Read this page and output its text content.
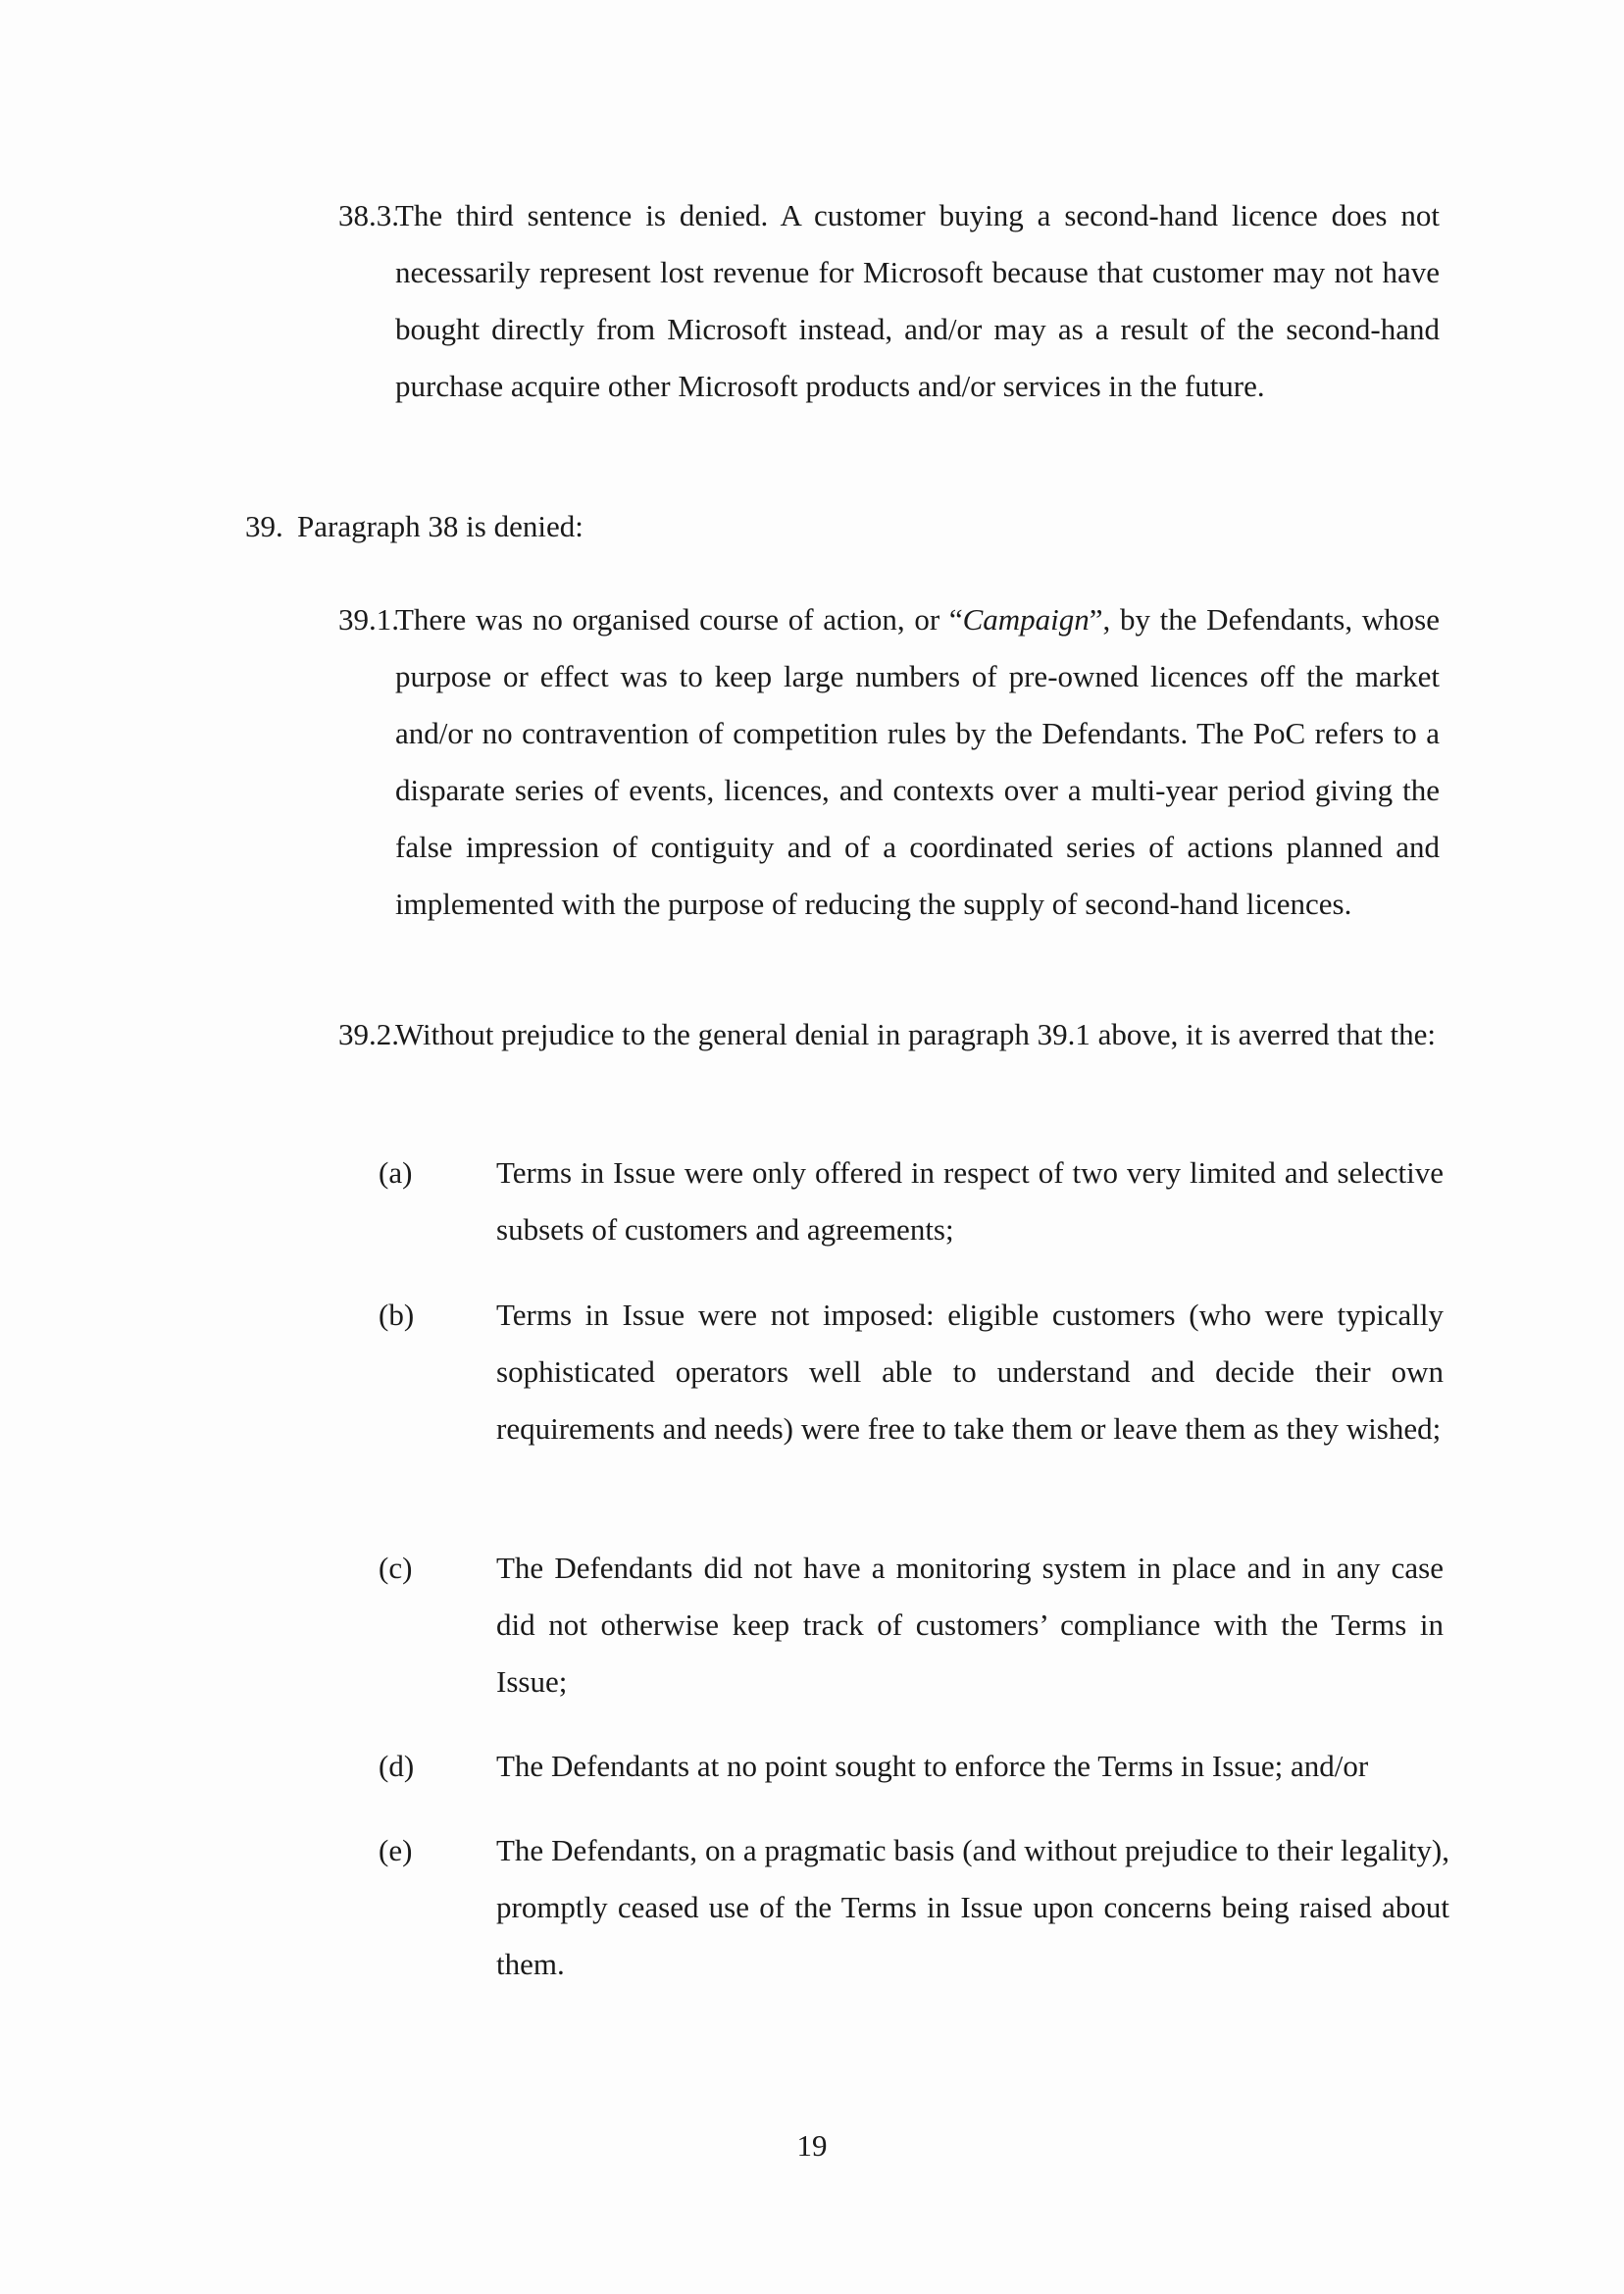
38.3.
The third sentence is denied. A customer buying a second-hand licence does not necessarily represent lost revenue for Microsoft because that customer may not have bought directly from Microsoft instead, and/or may as a result of the second-hand purchase acquire other Microsoft products and/or services in the future.
39. Paragraph 38 is denied:
39.1.
There was no organised course of action, or “Campaign”, by the Defendants, whose purpose or effect was to keep large numbers of pre-owned licences off the market and/or no contravention of competition rules by the Defendants. The PoC refers to a disparate series of events, licences, and contexts over a multi-year period giving the false impression of contiguity and of a coordinated series of actions planned and implemented with the purpose of reducing the supply of second-hand licences.
39.2.
Without prejudice to the general denial in paragraph 39.1 above, it is averred that the:
(a)	Terms in Issue were only offered in respect of two very limited and selective subsets of customers and agreements;
(b)	Terms in Issue were not imposed: eligible customers (who were typically sophisticated operators well able to understand and decide their own requirements and needs) were free to take them or leave them as they wished;
(c)	The Defendants did not have a monitoring system in place and in any case did not otherwise keep track of customers’ compliance with the Terms in Issue;
(d)	The Defendants at no point sought to enforce the Terms in Issue; and/or
(e)	The Defendants, on a pragmatic basis (and without prejudice to their legality), promptly ceased use of the Terms in Issue upon concerns being raised about them.
19
